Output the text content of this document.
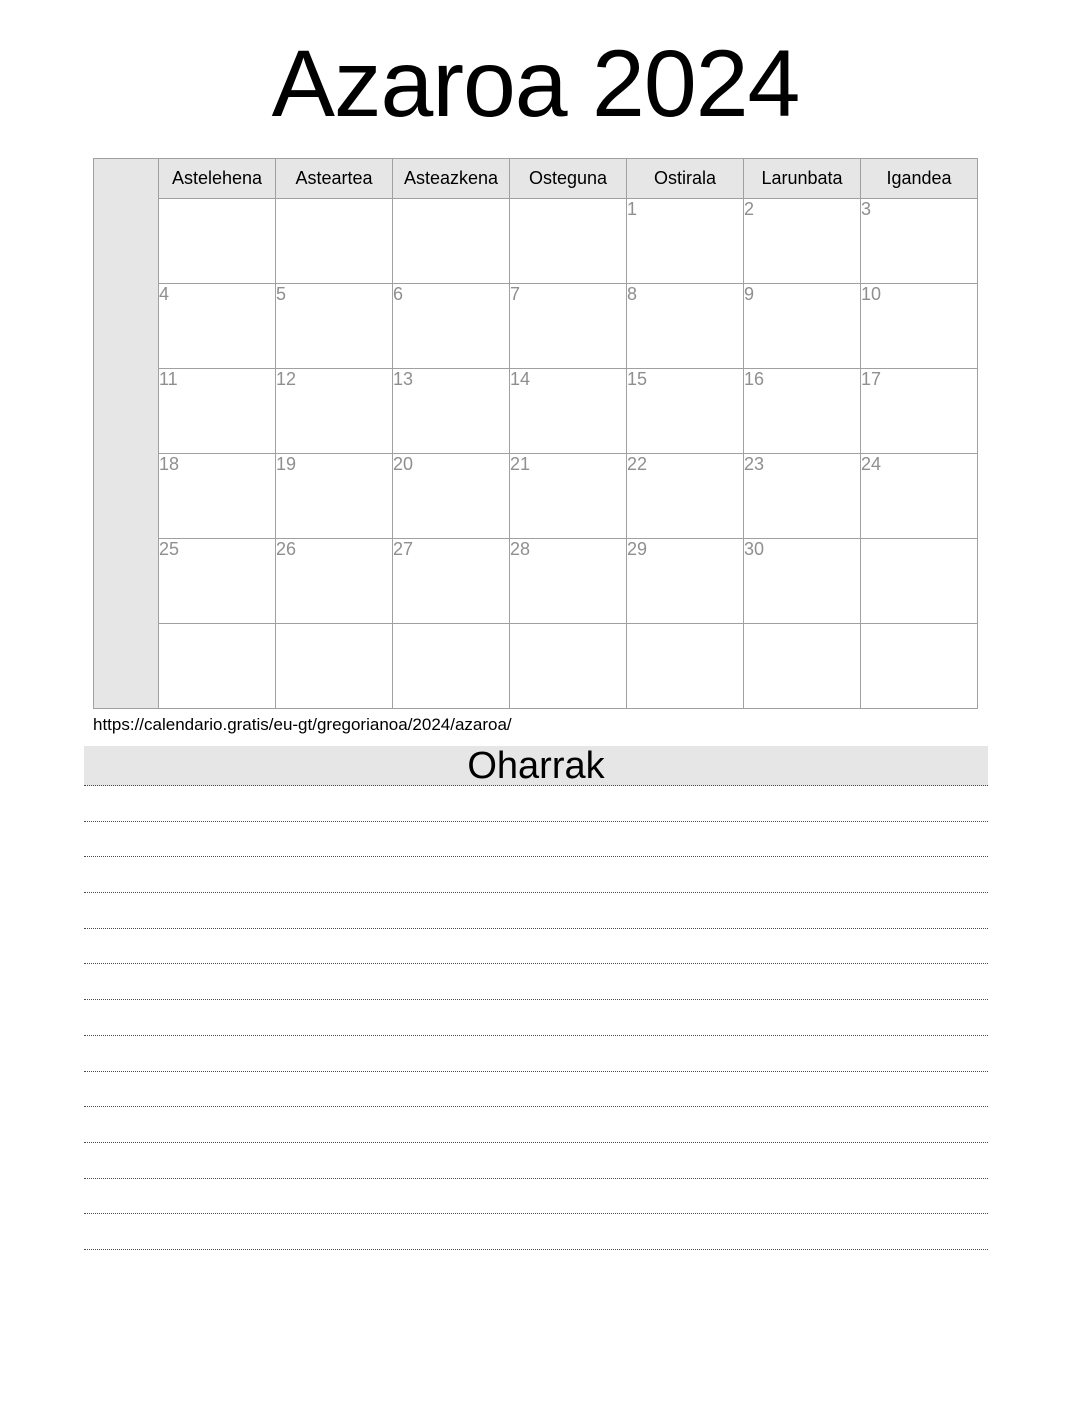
Azaroa 2024
	Astelehena	Asteartea	Asteazkena	Osteguna	Ostirala	Larunbata	Igandea
					1	2	3
	4	5	6	7	8	9	10
	11	12	13	14	15	16	17
	18	19	20	21	22	23	24
	25	26	27	28	29	30	

https://calendario.gratis/eu-gt/gregorianoa/2024/azaroa/
Oharrak
